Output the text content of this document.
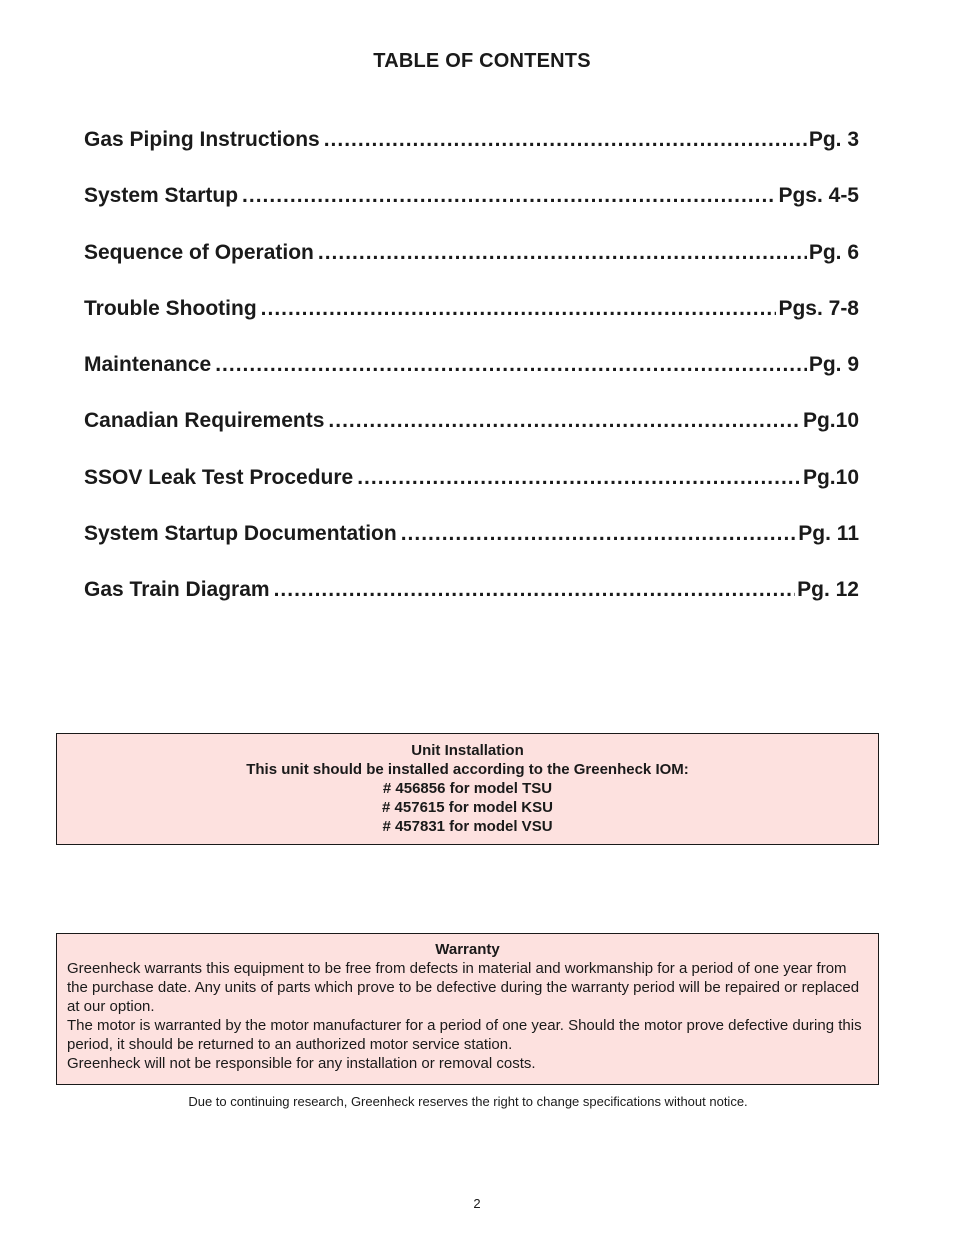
TABLE OF CONTENTS
Gas Piping Instructions .....	Pg. 3
System Startup .....	Pgs. 4-5
Sequence of Operation .....	Pg. 6
Trouble Shooting .....	Pgs. 7-8
Maintenance .....	Pg. 9
Canadian Requirements .....	Pg.10
SSOV Leak Test Procedure .....	Pg.10
System Startup Documentation .....	Pg. 11
Gas Train Diagram .....	Pg. 12
Unit Installation
This unit should be installed according to the Greenheck IOM:
# 456856 for model TSU
# 457615 for model KSU
# 457831 for model VSU
Warranty

Greenheck warrants this equipment to be free from defects in material and workmanship for a period of one year from the purchase date. Any units of parts which prove to be defective during the warranty period will be repaired or replaced at our option.

The motor is warranted by the motor manufacturer for a period of one year. Should the motor prove defective during this period, it should be returned to an authorized motor service station.

Greenheck will not be responsible for any installation or removal costs.

Due to continuing research, Greenheck reserves the right to change specifications without notice.
2
